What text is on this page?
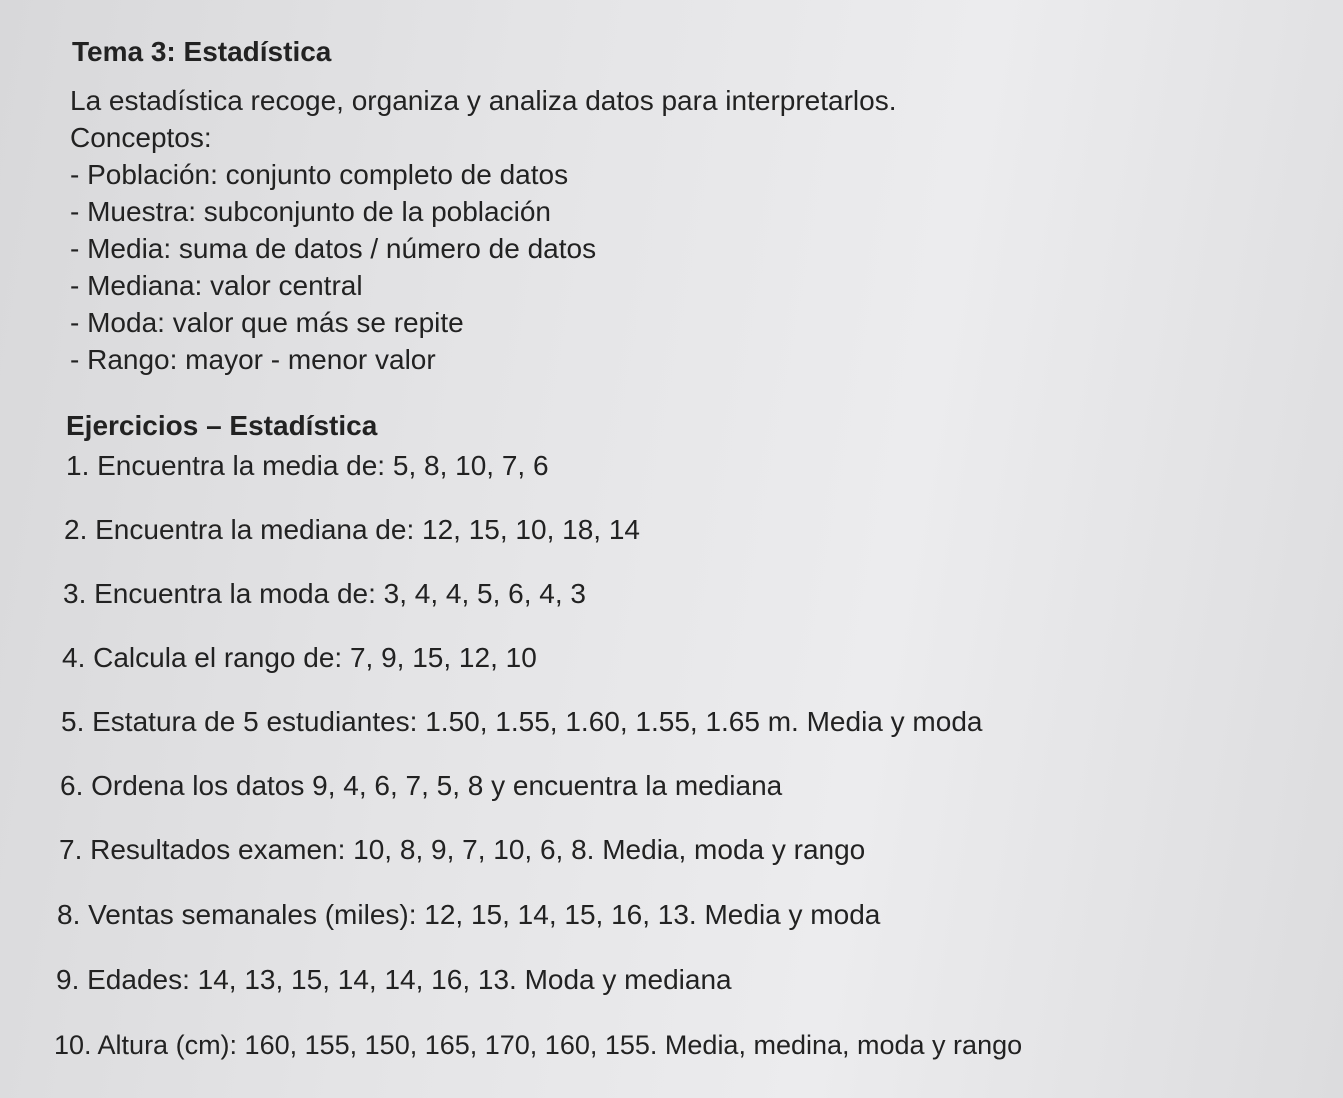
Tema 3: Estadística
La estadística recoge, organiza y analiza datos para interpretarlos.
Conceptos:
- Población: conjunto completo de datos
- Muestra: subconjunto de la población
- Media: suma de datos / número de datos
- Mediana: valor central
- Moda: valor que más se repite
- Rango: mayor - menor valor
Ejercicios – Estadística
1. Encuentra la media de: 5, 8, 10, 7, 6
2. Encuentra la mediana de: 12, 15, 10, 18, 14
3. Encuentra la moda de: 3, 4, 4, 5, 6, 4, 3
4. Calcula el rango de: 7, 9, 15, 12, 10
5. Estatura de 5 estudiantes: 1.50, 1.55, 1.60, 1.55, 1.65 m. Media y moda
6. Ordena los datos 9, 4, 6, 7, 5, 8 y encuentra la mediana
7. Resultados examen: 10, 8, 9, 7, 10, 6, 8. Media, moda y rango
8. Ventas semanales (miles): 12, 15, 14, 15, 16, 13. Media y moda
9. Edades: 14, 13, 15, 14, 14, 16, 13. Moda y mediana
10. Altura (cm): 160, 155, 150, 165, 170, 160, 155. Media, medina, moda y rango
